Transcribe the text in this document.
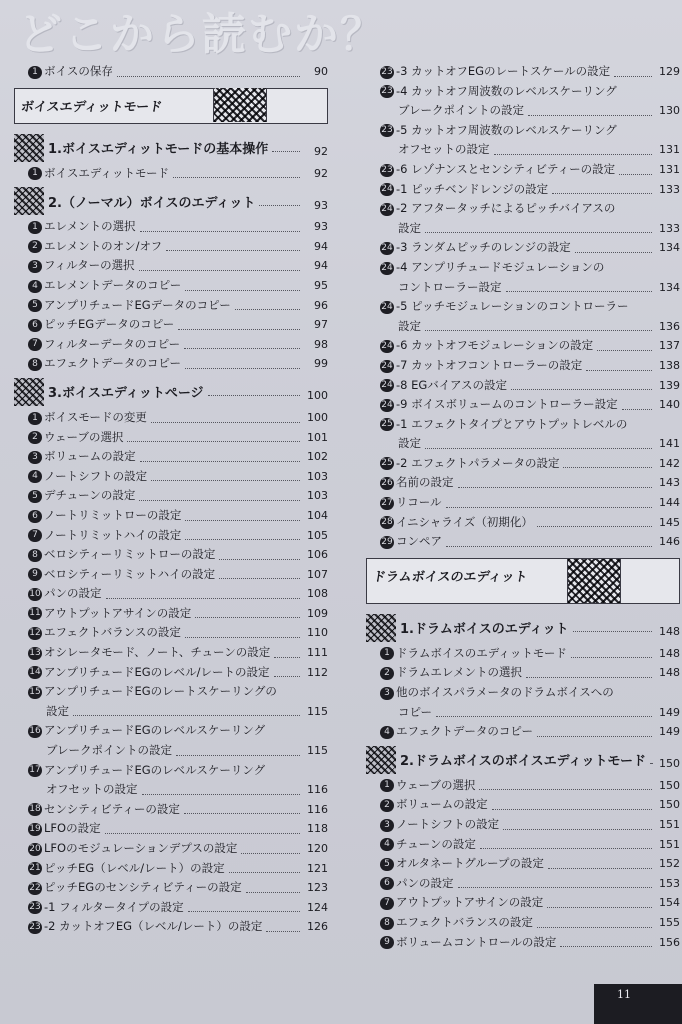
どこから読むか？
1 ボイスの保存	90
ボイスエディットモード
1.ボイスエディットモードの基本操作	92
1 ボイスエディットモード	92
2.（ノーマル）ボイスのエディット	93
1 エレメントの選択	93
2 エレメントのオン/オフ	94
3 フィルターの選択	94
4 エレメントデータのコピー	95
5 アンプリチュードEGデータのコピー	96
6 ピッチEGデータのコピー	97
7 フィルターデータのコピー	98
8 エフェクトデータのコピー	99
3.ボイスエディットページ	100
1 ボイスモードの変更	100
2 ウェーブの選択	101
3 ボリュームの設定	102
4 ノートシフトの設定	103
5 デチューンの設定	103
6 ノートリミットローの設定	104
7 ノートリミットハイの設定	105
8 ベロシティーリミットローの設定	106
9 ベロシティーリミットハイの設定	107
10 パンの設定	108
11 アウトプットアサインの設定	109
12 エフェクトバランスの設定	110
13 オシレータモード、ノート、チューンの設定	111
14 アンプリチュードEGのレベル/レートの設定	112
15 アンプリチュードEGのレートスケーリングの
設定	115
16 アンプリチュードEGのレベルスケーリング
ブレークポイントの設定	115
17 アンプリチュードEGのレベルスケーリング
オフセットの設定	116
18 センシティビティーの設定	116
19 LFOの設定	118
20 LFOのモジュレーションデプスの設定	120
21 ピッチEG（レベル/レート）の設定	121
22 ピッチEGのセンシティビティーの設定	123
23 -1 フィルタータイプの設定	124
23 -2 カットオフEG（レベル/レート）の設定	126
23 -3 カットオフEGのレートスケールの設定	129
23 -4 カットオフ周波数のレベルスケーリング
ブレークポイントの設定	130
23 -5 カットオフ周波数のレベルスケーリング
オフセットの設定	131
23 -6 レゾナンスとセンシティビティーの設定	131
24 -1 ピッチベンドレンジの設定	133
24 -2 アフタータッチによるピッチバイアスの
設定	133
24 -3 ランダムピッチのレンジの設定	134
24 -4 アンプリチュードモジュレーションの
コントローラー設定	134
24 -5 ピッチモジュレーションのコントローラー
設定	136
24 -6 カットオフモジュレーションの設定	137
24 -7 カットオフコントローラーの設定	138
24 -8 EGバイアスの設定	139
24 -9 ボイスボリュームのコントローラー設定	140
25 -1 エフェクトタイプとアウトプットレベルの
設定	141
25 -2 エフェクトパラメータの設定	142
26 名前の設定	143
27 リコール	144
28 イニシャライズ（初期化）	145
29 コンペア	146
ドラムボイスのエディット
1.ドラムボイスのエディット	148
1 ドラムボイスのエディットモード	148
2 ドラムエレメントの選択	148
3 他のボイスパラメータのドラムボイスへの
コピー	149
4 エフェクトデータのコピー	149
2.ドラムボイスのボイスエディットモード 150
1 ウェーブの選択	150
2 ボリュームの設定	150
3 ノートシフトの設定	151
4 チューンの設定	151
5 オルタネートグループの設定	152
6 パンの設定	153
7 アウトプットアサインの設定	154
8 エフェクトバランスの設定	155
9 ボリュームコントロールの設定	156
11
